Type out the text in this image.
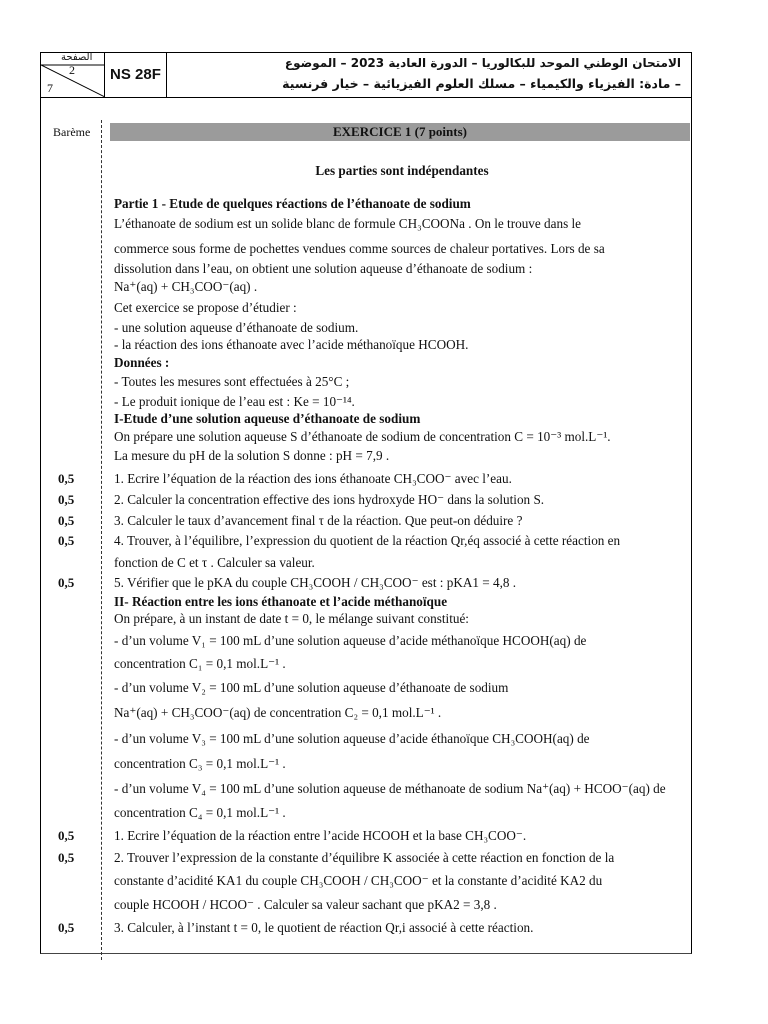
الصفحة
2
7
NS 28F
الامتحان الوطني الموحد للبكالوريا – الدورة العادية 2023 – الموضوع
– مادة: الفيزياء والكيمياء – مسلك العلوم الفيزيائية – خيار فرنسية
Barème	EXERCICE 1 (7 points)
Les parties sont indépendantes
Partie 1 - Etude de quelques réactions de l’éthanoate de sodium
L’éthanoate de sodium est un solide blanc de formule CH₃COONa . On le trouve dans le
commerce sous forme de pochettes vendues comme sources de chaleur portatives. Lors de sa
dissolution dans l’eau, on obtient une solution aqueuse d’éthanoate de sodium :
Na⁺(aq) + CH₃COO⁻(aq) .
Cet exercice se propose d’étudier :
- une solution aqueuse d’éthanoate de sodium.
- la réaction des ions éthanoate avec l’acide méthanoïque HCOOH.
Données :
- Toutes les mesures sont effectuées à 25°C ;
- Le produit ionique de l’eau est : Ke = 10⁻¹⁴.
I-Etude d’une solution aqueuse d’éthanoate de sodium
On prépare une solution aqueuse S d’éthanoate de sodium de concentration C = 10⁻³ mol.L⁻¹.
La mesure du pH de la solution S donne : pH = 7,9 .
1. Ecrire l’équation de la réaction des ions éthanoate CH₃COO⁻ avec l’eau.
2. Calculer la concentration effective des ions hydroxyde HO⁻ dans la solution S.
3. Calculer le taux d’avancement final τ de la réaction. Que peut-on déduire ?
4. Trouver, à l’équilibre, l’expression du quotient de la réaction Qr,éq associé à cette réaction en
fonction de C et τ . Calculer sa valeur.
5. Vérifier que le pKA du couple CH₃COOH / CH₃COO⁻ est : pKA1 = 4,8 .
II- Réaction entre les ions éthanoate et l’acide méthanoïque
On prépare, à un instant de date t = 0, le mélange suivant constitué:
- d’un volume V₁ = 100 mL d’une solution aqueuse d’acide méthanoïque HCOOH(aq) de
concentration C₁ = 0,1 mol.L⁻¹ .
- d’un volume V₂ = 100 mL d’une solution aqueuse d’éthanoate de sodium
Na⁺(aq) + CH₃COO⁻(aq) de concentration C₂ = 0,1 mol.L⁻¹ .
- d’un volume V₃ = 100 mL d’une solution aqueuse d’acide éthanoïque CH₃COOH(aq) de
concentration C₃ = 0,1 mol.L⁻¹ .
- d’un volume V₄ = 100 mL d’une solution aqueuse de méthanoate de sodium Na⁺(aq) + HCOO⁻(aq) de
concentration C₄ = 0,1 mol.L⁻¹ .
1. Ecrire l’équation de la réaction entre l’acide HCOOH et la base CH₃COO⁻.
2. Trouver l’expression de la constante d’équilibre K associée à cette réaction en fonction de la
constante d’acidité KA1 du couple CH₃COOH / CH₃COO⁻ et la constante d’acidité KA2 du
couple HCOOH / HCOO⁻ . Calculer sa valeur sachant que pKA2 = 3,8 .
3. Calculer, à l’instant t = 0, le quotient de réaction Qr,i associé à cette réaction.
0,5
0,5
0,5
0,5
0,5
0,5
0,5
0,5
